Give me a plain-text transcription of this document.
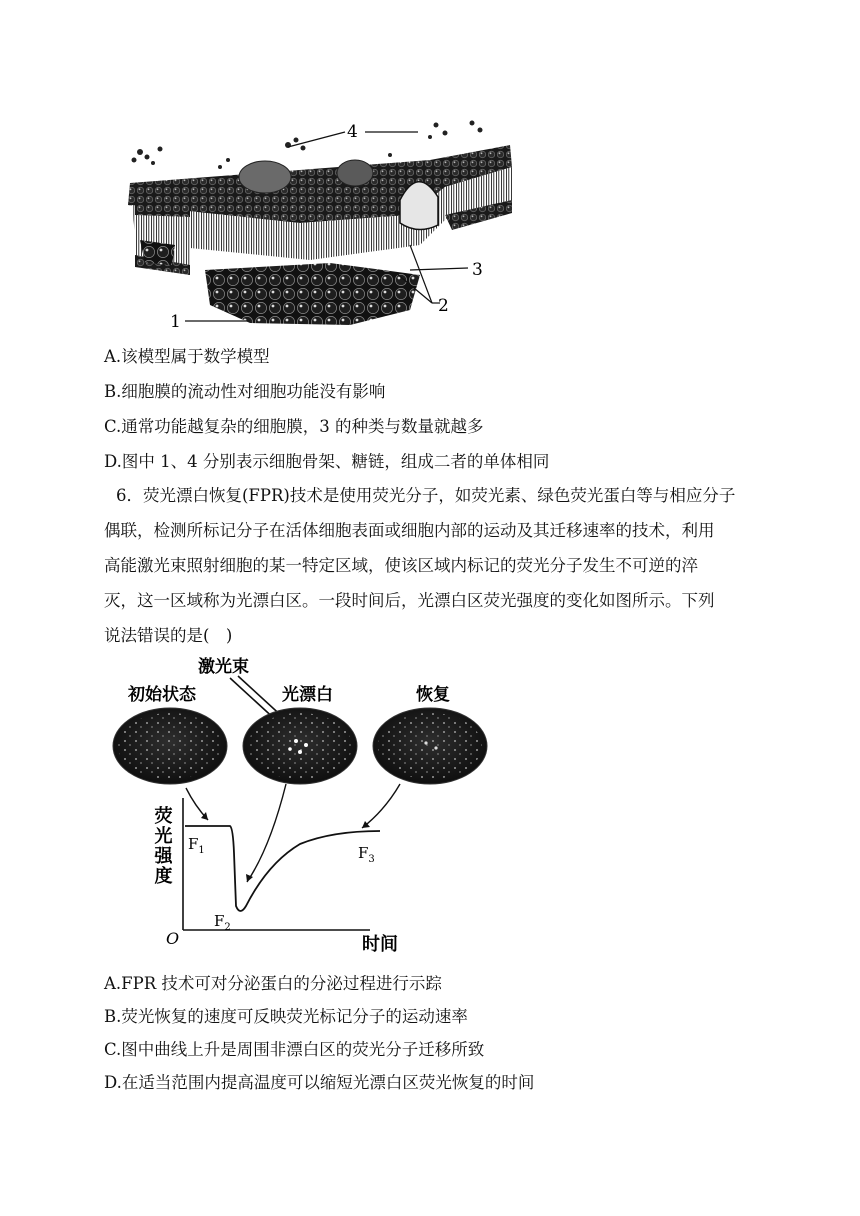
4
3
2
1
A.该模型属于数学模型
B.细胞膜的流动性对细胞功能没有影响
C.通常功能越复杂的细胞膜，3 的种类与数量就越多
D.图中 1、4 分别表示细胞骨架、糖链，组成二者的单体相同
6．荧光漂白恢复(FPR)技术是使用荧光分子，如荧光素、绿色荧光蛋白等与相应分子
偶联，检测所标记分子在活体细胞表面或细胞内部的运动及其迁移速率的技术，利用
高能激光束照射细胞的某一特定区域，使该区域内标记的荧光分子发生不可逆的淬
灭，这一区域称为光漂白区。一段时间后，光漂白区荧光强度的变化如图所示。下列
说法错误的是(　)
激光束
初始状态	光漂白	恢复
荧光强度
O	时间
$F_1$
$F_2$
$F_3$
A.FPR 技术可对分泌蛋白的分泌过程进行示踪
B.荧光恢复的速度可反映荧光标记分子的运动速率
C.图中曲线上升是周围非漂白区的荧光分子迁移所致
D.在适当范围内提高温度可以缩短光漂白区荧光恢复的时间
